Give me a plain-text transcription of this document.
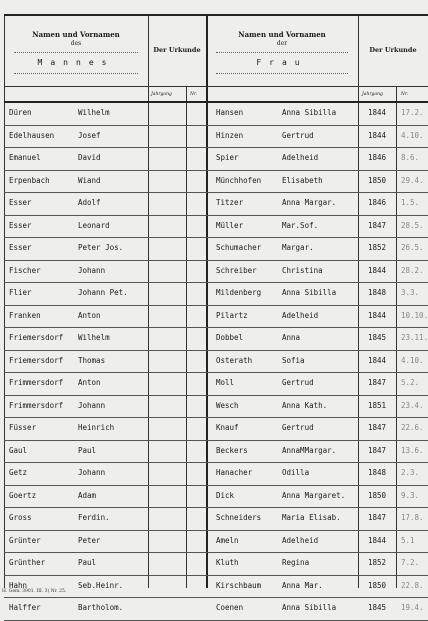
Namen und Vornamen
des
Mannes
Der Urkunde
Jahrgang	Nr.
Namen und Vornamen
der
Frau
Der Urkunde
Jahrgang	Nr.
Düren	Wilhelm	Hansen	Anna Sibilla	1844 17.2.
Edelhausen	Josef	Hinzen	Gertrud	1844 4.10.
Emanuel	David	Spier	Adelheid	1846 8.6.
Erpenbach	Wiand	Münchhofen	Elisabeth	1850 29.4.
Esser	Adolf	Titzer	Anna Margar.	1846 1.5.
Esser	Leonard	Müller	Mar.Sof.	1847 28.5.
Esser	Peter Jos.	Schumacher	Margar.	1852 26.5.
Fischer	Johann	Schreiber	Christina	1844 28.2.
Flier	Johann Pet.	Mildenberg	Anna Sibilla	1848 3.3.
Franken	Anton	Pilartz	Adelheid	1844 10.10.
Friemersdorf Wilhelm	Dobbel	Anna	1845 23.11.
Friemersdorf Thomas	Osterath	Sofia	1844 4.10.
Frimmersdorf Anton	Moll	Gertrud	1847 5.2.
Frimmersdorf Johann	Wesch	Anna Kath.	1851 23.4.
Füsser	Heinrich	Knauf	Gertrud	1847 22.6.
Gaul	Paul	Beckers	AnnaMMargar.	1847 13.6.
Getz	Johann	Hanacher	Odilla	1848 2.3.
Goertz	Adam	Dick	Anna Margaret.	1850 9.3.
Gross	Ferdin.	Schneiders	Maria Elisab.	1847 17.8.
Grünter	Peter	Ameln	Adelheid	1844 5.1
Grünther	Paul	Kluth	Regina	1852 7.2.
Hahn	Seb.Heinr.	Kirschbaum	Anna Mar.	1850 22.8.
Halffer	Bartholom.	Coenen	Anna Sibilla	1845 19.4.
H. Gem. 3901. III. 3) Nr. 25.
